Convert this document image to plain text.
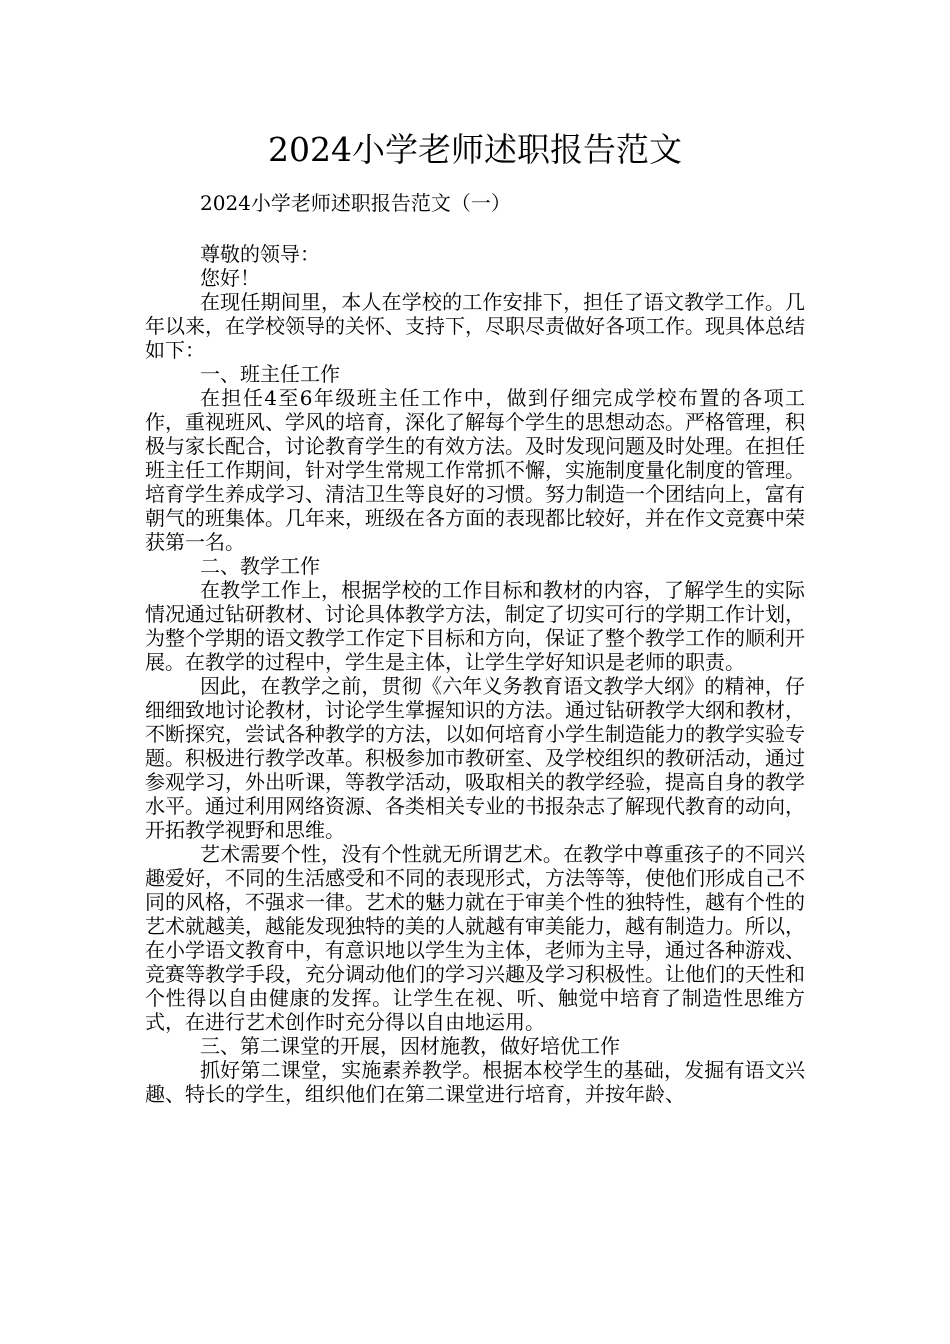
2024小学老师述职报告范文
2024小学老师述职报告范文（一）

尊敬的领导：

您好！

在现任期间里，本人在学校的工作安排下，担任了语文教学工作。几年以来，在学校领导的关怀、支持下，尽职尽责做好各项工作。现具体总结如下：

一、班主任工作

在担任4至6年级班主任工作中，做到仔细完成学校布置的各项工作，重视班风、学风的培育，深化了解每个学生的思想动态。严格管理，积极与家长配合，讨论教育学生的有效方法。及时发现问题及时处理。在担任班主任工作期间，针对学生常规工作常抓不懈，实施制度量化制度的管理。培育学生养成学习、清洁卫生等良好的习惯。努力制造一个团结向上，富有朝气的班集体。几年来，班级在各方面的表现都比较好，并在作文竞赛中荣获第一名。

二、教学工作

在教学工作上，根据学校的工作目标和教材的内容，了解学生的实际情况通过钻研教材、讨论具体教学方法，制定了切实可行的学期工作计划，为整个学期的语文教学工作定下目标和方向，保证了整个教学工作的顺利开展。在教学的过程中，学生是主体，让学生学好知识是老师的职责。

因此，在教学之前，贯彻《六年义务教育语文教学大纲》的精神，仔细细致地讨论教材，讨论学生掌握知识的方法。通过钻研教学大纲和教材，不断探究，尝试各种教学的方法，以如何培育小学生制造能力的教学实验专题。积极进行教学改革。积极参加市教研室、及学校组织的教研活动，通过参观学习，外出听课，等教学活动，吸取相关的教学经验，提高自身的教学水平。通过利用网络资源、各类相关专业的书报杂志了解现代教育的动向，开拓教学视野和思维。

艺术需要个性，没有个性就无所谓艺术。在教学中尊重孩子的不同兴趣爱好，不同的生活感受和不同的表现形式，方法等等，使他们形成自己不同的风格，不强求一律。艺术的魅力就在于审美个性的独特性，越有个性的艺术就越美，越能发现独特的美的人就越有审美能力，越有制造力。所以，在小学语文教育中，有意识地以学生为主体，老师为主导，通过各种游戏、竞赛等教学手段，充分调动他们的学习兴趣及学习积极性。让他们的天性和个性得以自由健康的发挥。让学生在视、听、触觉中培育了制造性思维方式，在进行艺术创作时充分得以自由地运用。

三、第二课堂的开展，因材施教，做好培优工作

抓好第二课堂，实施素养教学。根据本校学生的基础，发掘有语文兴趣、特长的学生，组织他们在第二课堂进行培育，并按年龄、
